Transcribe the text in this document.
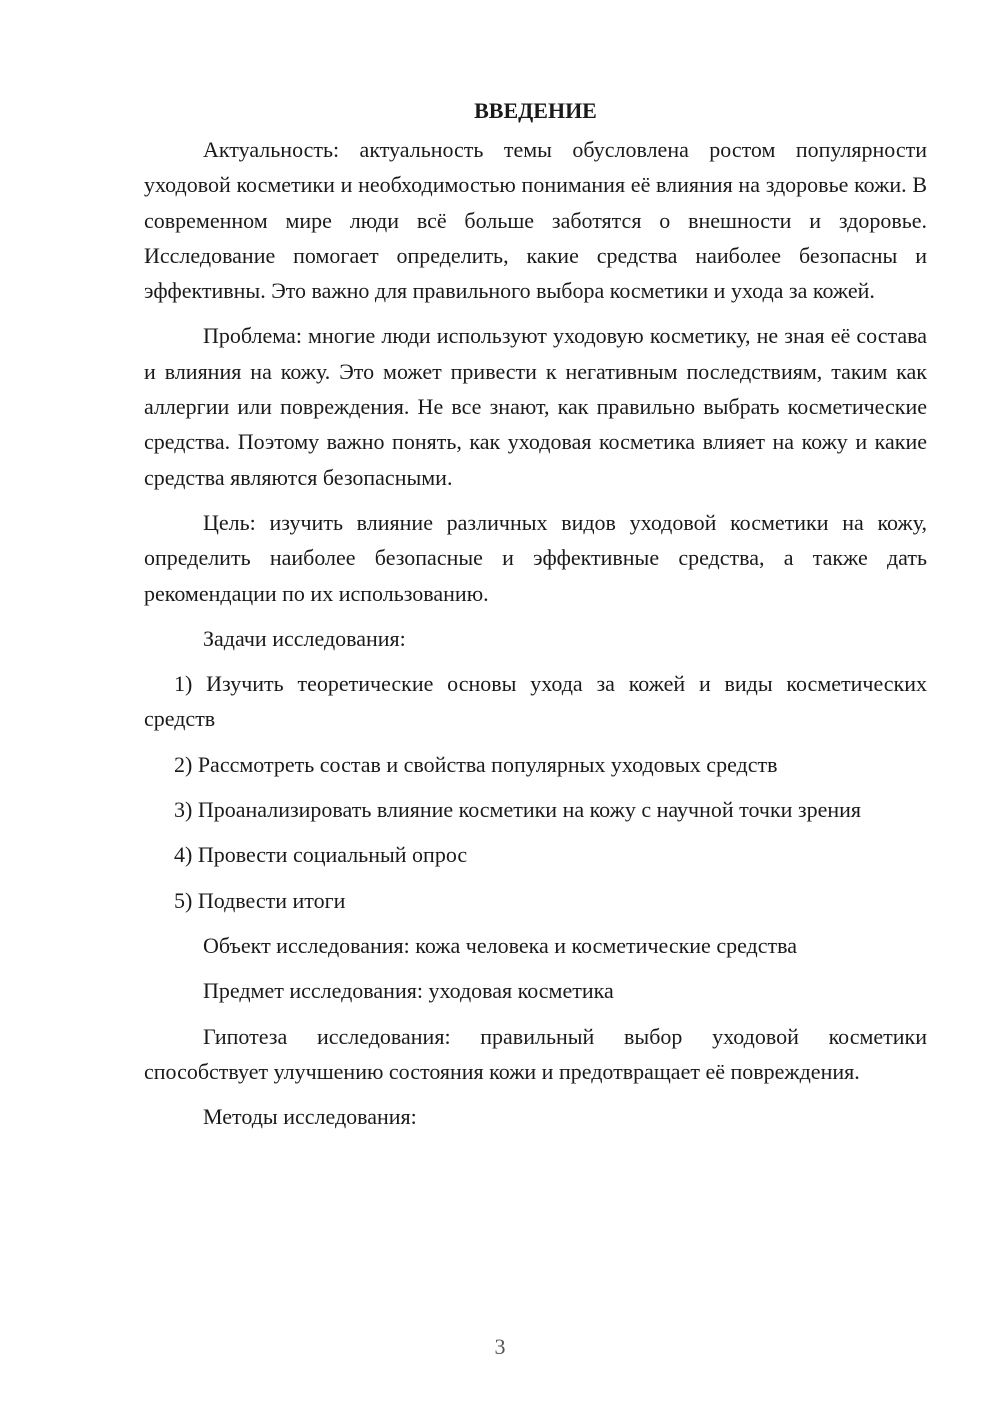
ВВЕДЕНИЕ

Актуальность: актуальность темы обусловлена ростом популярности уходовой косметики и необходимостью понимания её влияния на здоровье кожи. В современном мире люди всё больше заботятся о внешности и здоровье. Исследование помогает определить, какие средства наиболее безопасны и эффективны. Это важно для правильного выбора косметики и ухода за кожей.

Проблема: многие люди используют уходовую косметику, не зная её состава и влияния на кожу. Это может привести к негативным последствиям, таким как аллергии или повреждения. Не все знают, как правильно выбрать косметические средства. Поэтому важно понять, как уходовая косметика влияет на кожу и какие средства являются безопасными.

Цель: изучить влияние различных видов уходовой косметики на кожу, определить наиболее безопасные и эффективные средства, а также дать рекомендации по их использованию.

Задачи исследования:

1) Изучить теоретические основы ухода за кожей и виды косметических средств

2) Рассмотреть состав и свойства популярных уходовых средств

3) Проанализировать влияние косметики на кожу с научной точки зрения

4) Провести социальный опрос

5) Подвести итоги

Объект исследования: кожа человека и косметические средства

Предмет исследования: уходовая косметика

Гипотеза исследования: правильный выбор уходовой косметики способствует улучшению состояния кожи и предотвращает её повреждения.

Методы исследования:

3
